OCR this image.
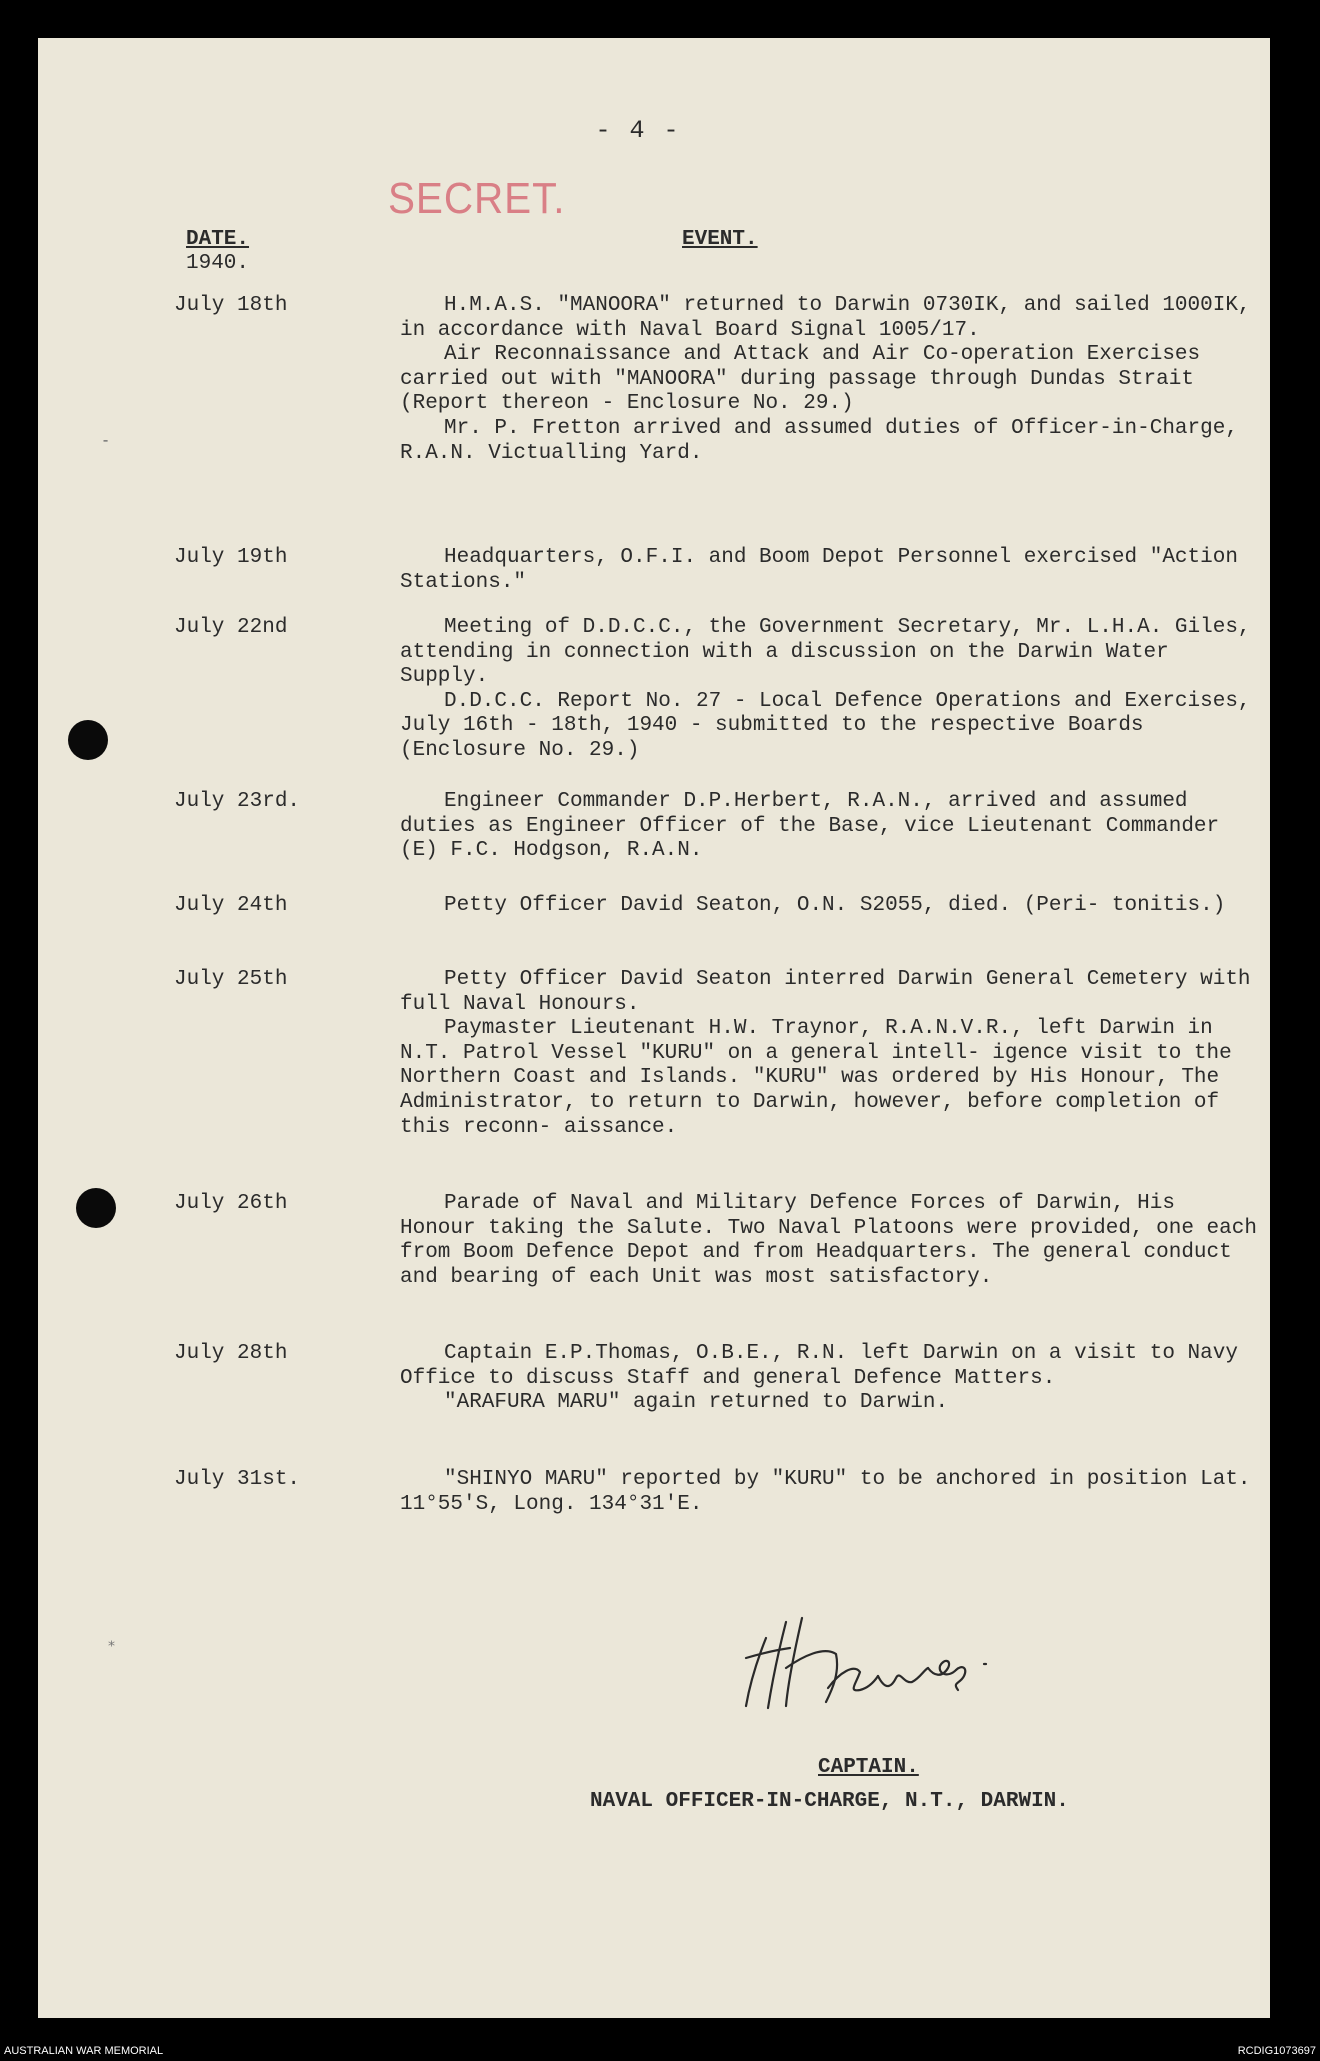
⁃
⁎
- 4 -
SECRET.
DATE.
1940.
EVENT.
July 18th	H.M.A.S. "MANOORA" returned to Darwin 0730IK, and sailed 1000IK, in accordance with Naval Board Signal 1005/17.

Air Reconnaissance and Attack and Air Co-operation Exercises carried out with "MANOORA" during passage through Dundas Strait (Report thereon - Enclosure No. 29.)

Mr. P. Fretton arrived and assumed duties of Officer-in-Charge, R.A.N. Victualling Yard.

July 19th	Headquarters, O.F.I. and Boom Depot Personnel exercised "Action Stations."

July 22nd	Meeting of D.D.C.C., the Government Secretary, Mr. L.H.A. Giles, attending in connection with a discussion on the Darwin Water Supply.

D.D.C.C. Report No. 27 - Local Defence Operations and Exercises, July 16th - 18th, 1940 - submitted to the respective Boards (Enclosure No. 29.)

July 23rd.	Engineer Commander D.P.Herbert, R.A.N., arrived and assumed duties as Engineer Officer of the Base, vice Lieutenant Commander (E) F.C. Hodgson, R.A.N.

July 24th	Petty Officer David Seaton, O.N. S2055, died. (Peri- tonitis.)

July 25th	Petty Officer David Seaton interred Darwin General Cemetery with full Naval Honours.

Paymaster Lieutenant H.W. Traynor, R.A.N.V.R., left Darwin in N.T. Patrol Vessel "KURU" on a general intell- igence visit to the Northern Coast and Islands. "KURU" was ordered by His Honour, The Administrator, to return to Darwin, however, before completion of this reconn- aissance.

July 26th	Parade of Naval and Military Defence Forces of Darwin, His Honour taking the Salute. Two Naval Platoons were provided, one each from Boom Defence Depot and from Headquarters. The general conduct and bearing of each Unit was most satisfactory.

July 28th	Captain E.P.Thomas, O.B.E., R.N. left Darwin on a visit to Navy Office to discuss Staff and general Defence Matters.

"ARAFURA MARU" again returned to Darwin.

July 31st.	"SHINYO MARU" reported by "KURU" to be anchored in position Lat. 11°55'S, Long. 134°31'E.

CAPTAIN.
NAVAL OFFICER-IN-CHARGE, N.T., DARWIN.
AUSTRALIAN WAR MEMORIAL	RCDIG1073697
